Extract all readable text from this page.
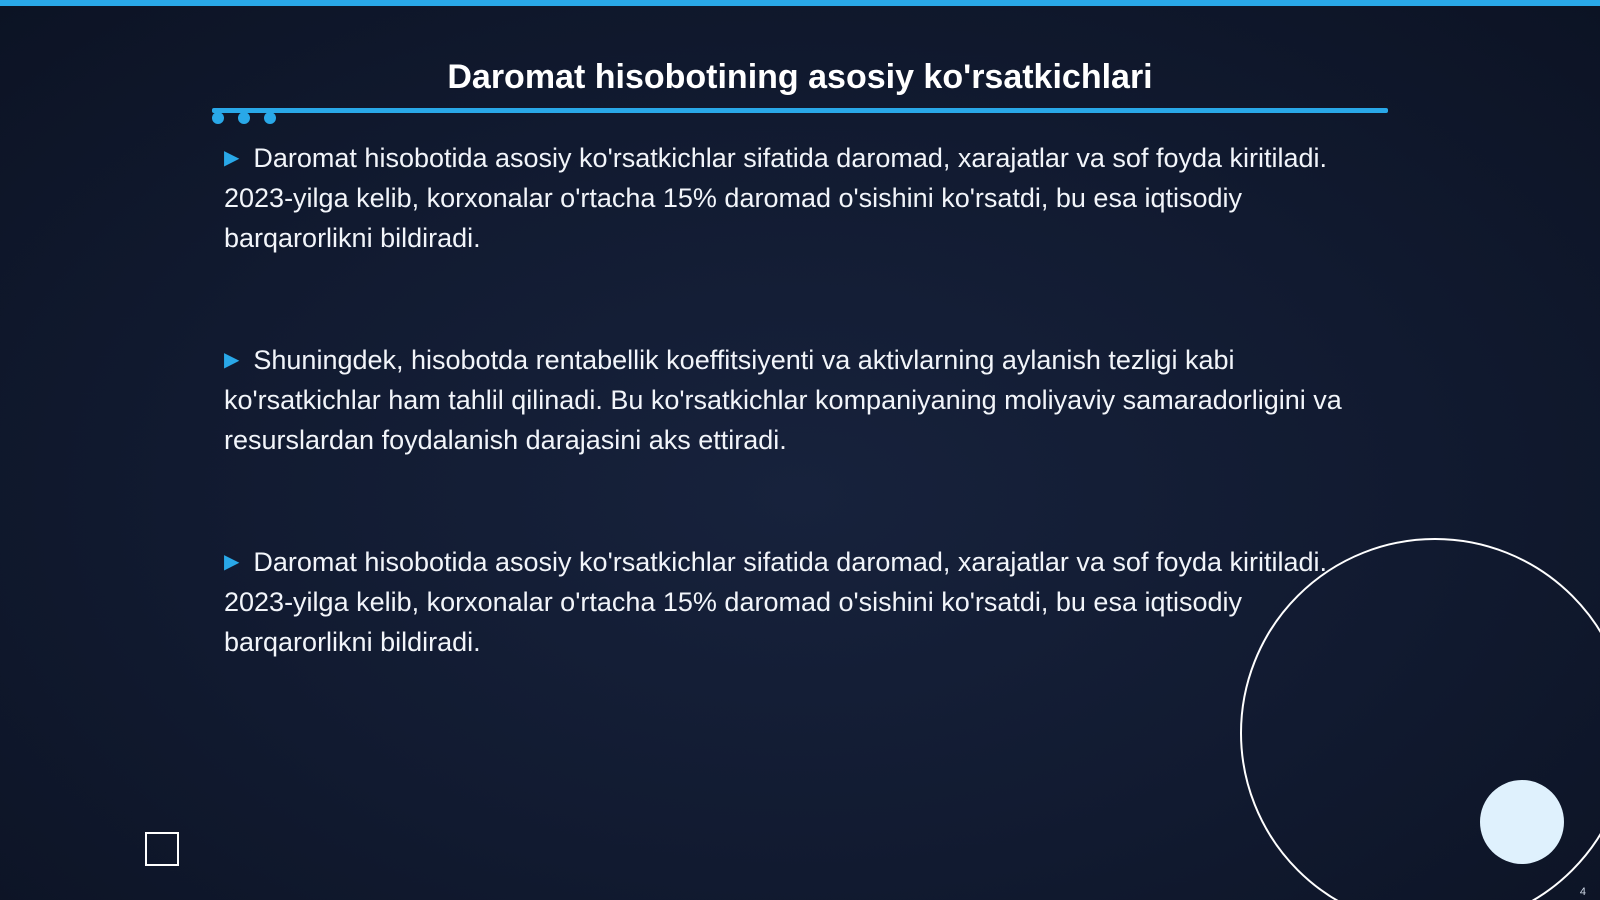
Daromat hisobotining asosiy ko'rsatkichlari
▶ Daromat hisobotida asosiy ko'rsatkichlar sifatida daromad, xarajatlar va sof foyda kiritiladi. 2023-yilga kelib, korxonalar o'rtacha 15% daromad o'sishini ko'rsatdi, bu esa iqtisodiy barqarorlikni bildiradi.
▶ Shuningdek, hisobotda rentabellik koeffitsiyenti va aktivlarning aylanish tezligi kabi ko'rsatkichlar ham tahlil qilinadi. Bu ko'rsatkichlar kompaniyaning moliyaviy samaradorligini va resurslardan foydalanish darajasini aks ettiradi.
▶ Daromat hisobotida asosiy ko'rsatkichlar sifatida daromad, xarajatlar va sof foyda kiritiladi. 2023-yilga kelib, korxonalar o'rtacha 15% daromad o'sishini ko'rsatdi, bu esa iqtisodiy barqarorlikni bildiradi.
4
